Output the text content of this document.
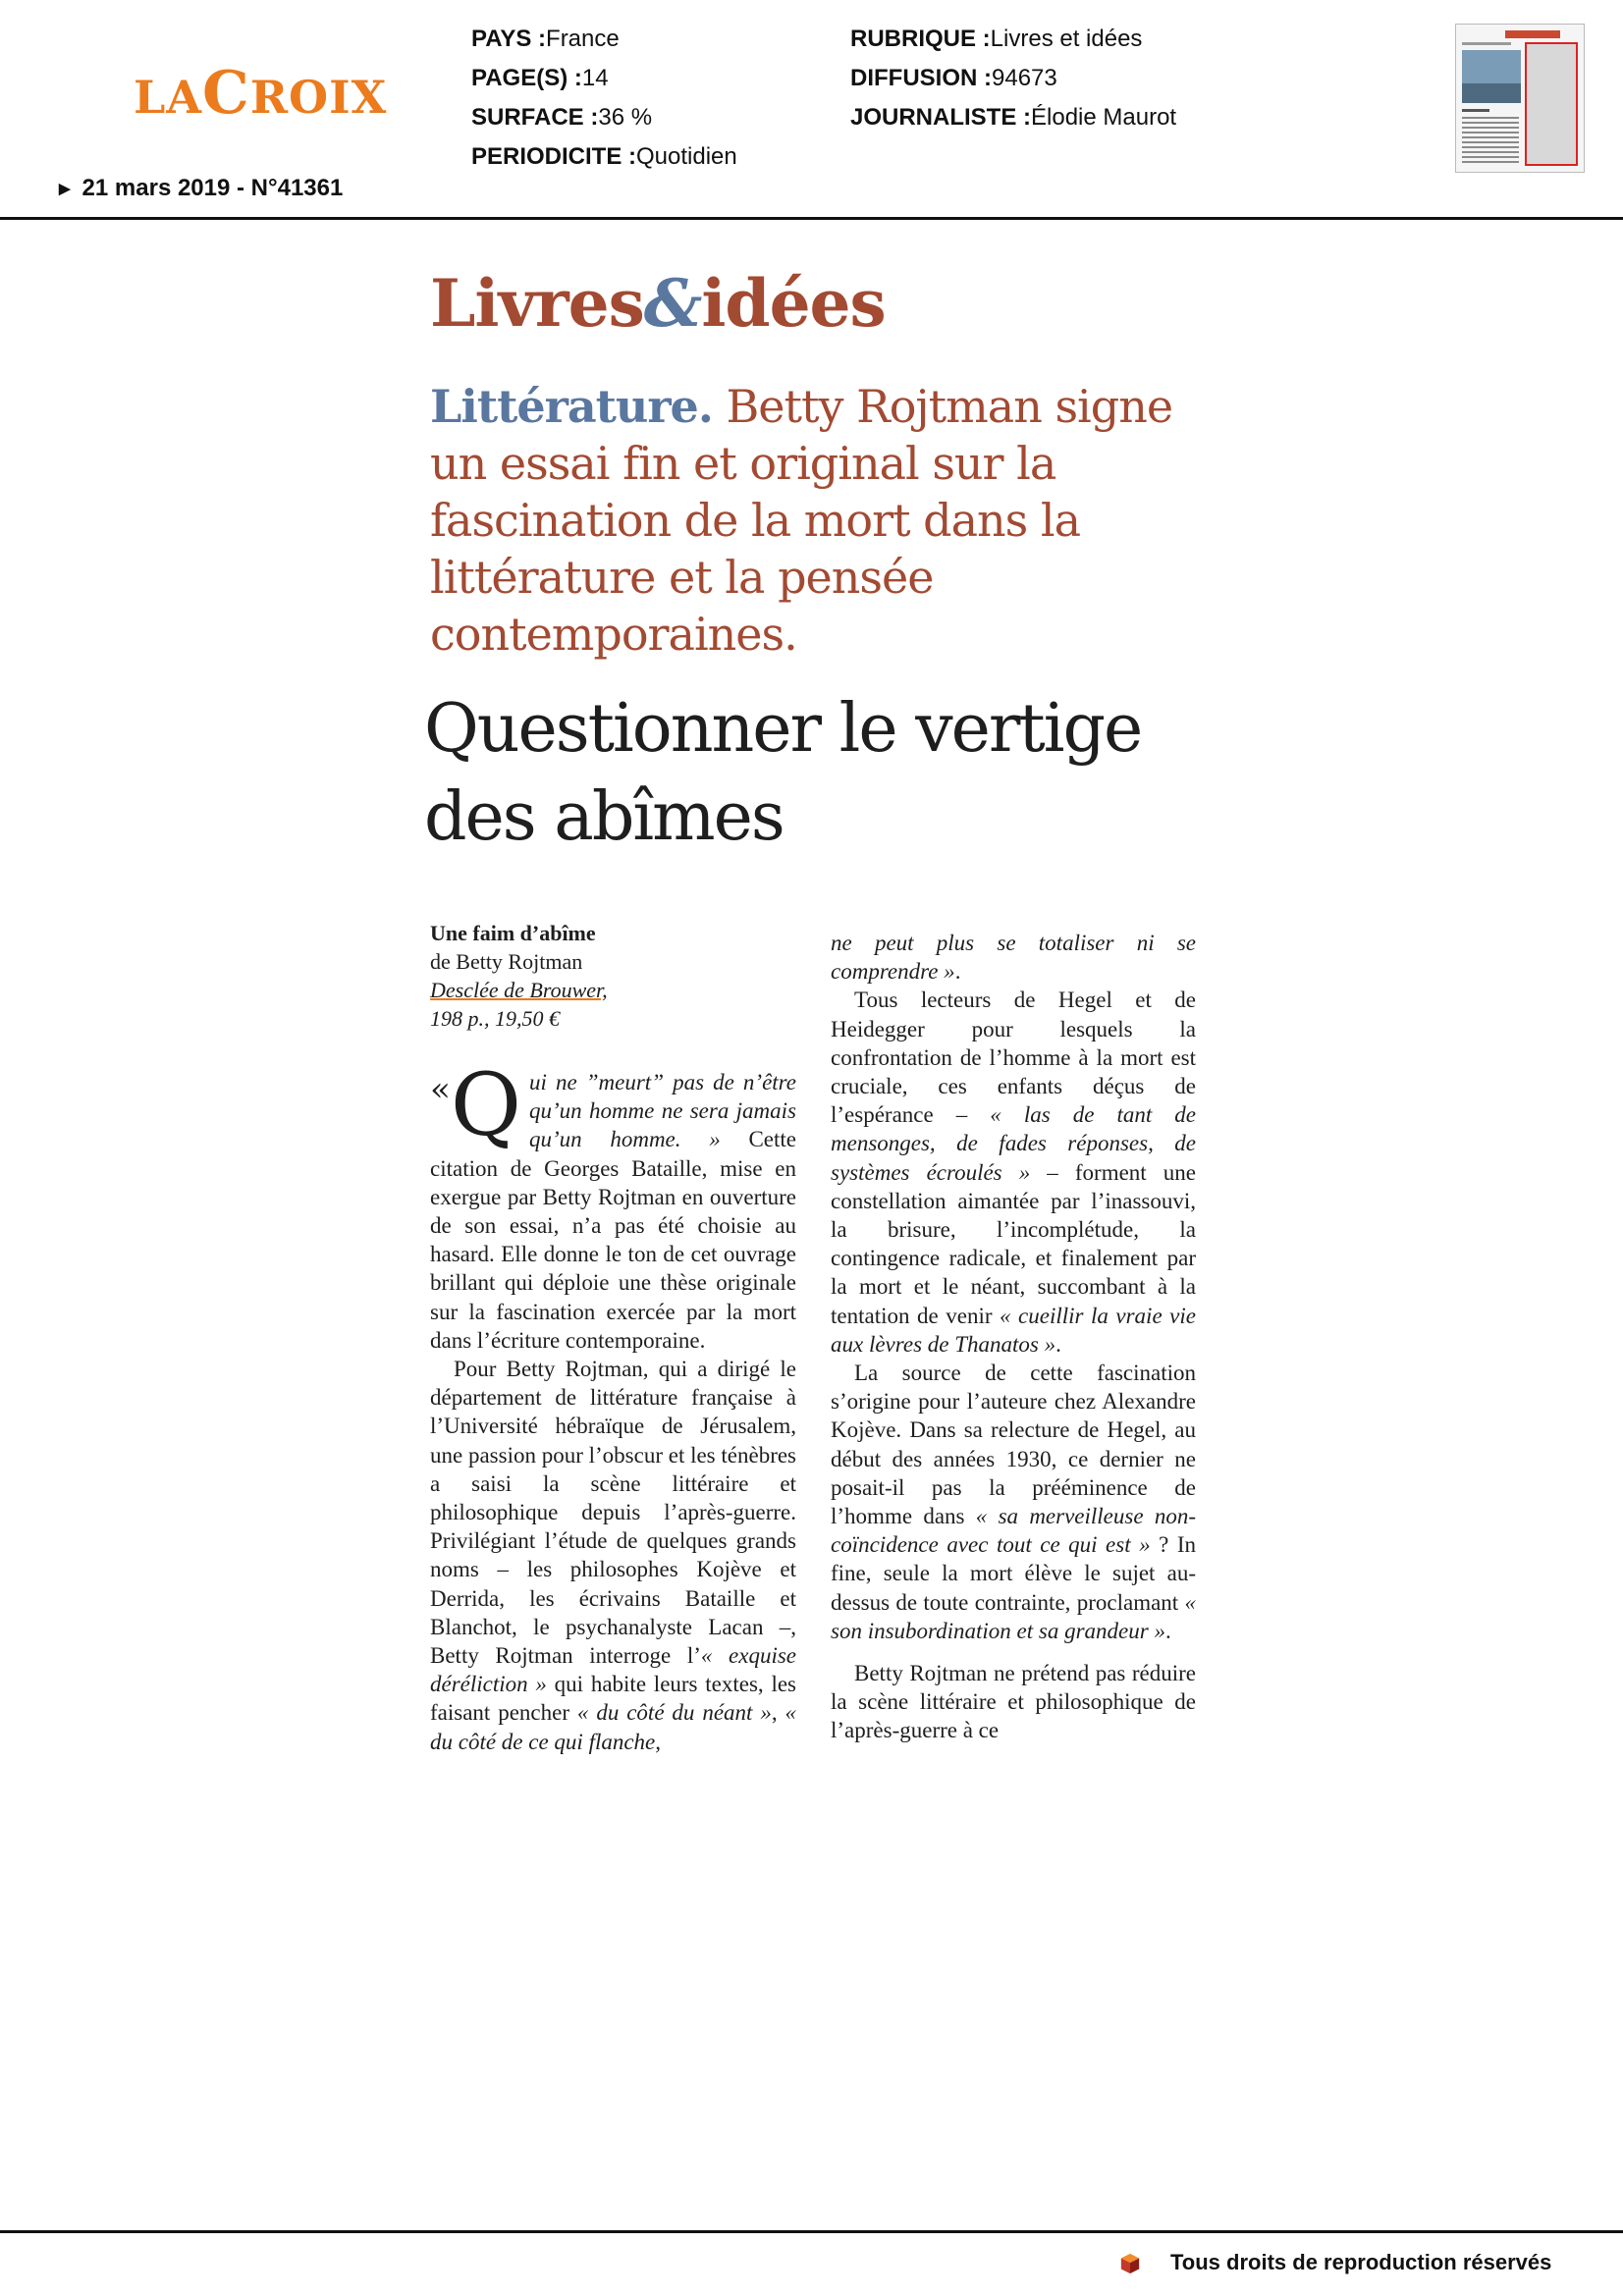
LACROIX
▶ 21 mars 2019 - N°41361
PAYS :France
PAGE(S) :14
SURFACE :36 %
PERIODICITE :Quotidien
RUBRIQUE :Livres et idées
DIFFUSION :94673
JOURNALISTE :Élodie Maurot
Livres&idées
Littérature. Betty Rojtman signe un essai fin et original sur la fascination de la mort dans la littérature et la pensée contemporaines.
Questionner le vertige
des abîmes
Une faim d’abîme
de Betty Rojtman
Desclée de Brouwer,
198 p., 19,50 €

«Q ui ne ”meurt” pas de n’être qu’un homme ne sera jamais qu’un homme. » Cette citation de Georges Bataille, mise en exergue par Betty Rojtman en ouverture de son essai, n’a pas été choisie au hasard. Elle donne le ton de cet ouvrage brillant qui déploie une thèse originale sur la fascination exercée par la mort dans l’écriture contemporaine.

Pour Betty Rojtman, qui a dirigé le département de littérature française à l’Université hébraïque de Jérusalem, une passion pour l’obscur et les ténèbres a saisi la scène littéraire et philosophique depuis l’après-guerre. Privilégiant l’étude de quelques grands noms – les philosophes Kojève et Derrida, les écrivains Bataille et Blanchot, le psychanalyste Lacan –, Betty Rojtman interroge l’« exquise déréliction » qui habite leurs textes, les faisant pencher « du côté du néant », « du côté de ce qui flanche,

ne peut plus se totaliser ni se comprendre ».

Tous lecteurs de Hegel et de Heidegger pour lesquels la confrontation de l’homme à la mort est cruciale, ces enfants déçus de l’espérance – « las de tant de mensonges, de fades réponses, de systèmes écroulés » – forment une constellation aimantée par l’inassouvi, la brisure, l’incomplétude, la contingence radicale, et finalement par la mort et le néant, succombant à la tentation de venir « cueillir la vraie vie aux lèvres de Thanatos ».

La source de cette fascination s’origine pour l’auteure chez Alexandre Kojève. Dans sa relecture de Hegel, au début des années 1930, ce dernier ne posait-il pas la prééminence de l’homme dans « sa merveilleuse non-coïncidence avec tout ce qui est » ? In fine, seule la mort élève le sujet au-dessus de toute contrainte, proclamant « son insubordination et sa grandeur ».

Betty Rojtman ne prétend pas réduire la scène littéraire et philosophique de l’après-guerre à ce

Tous droits de reproduction réservés
